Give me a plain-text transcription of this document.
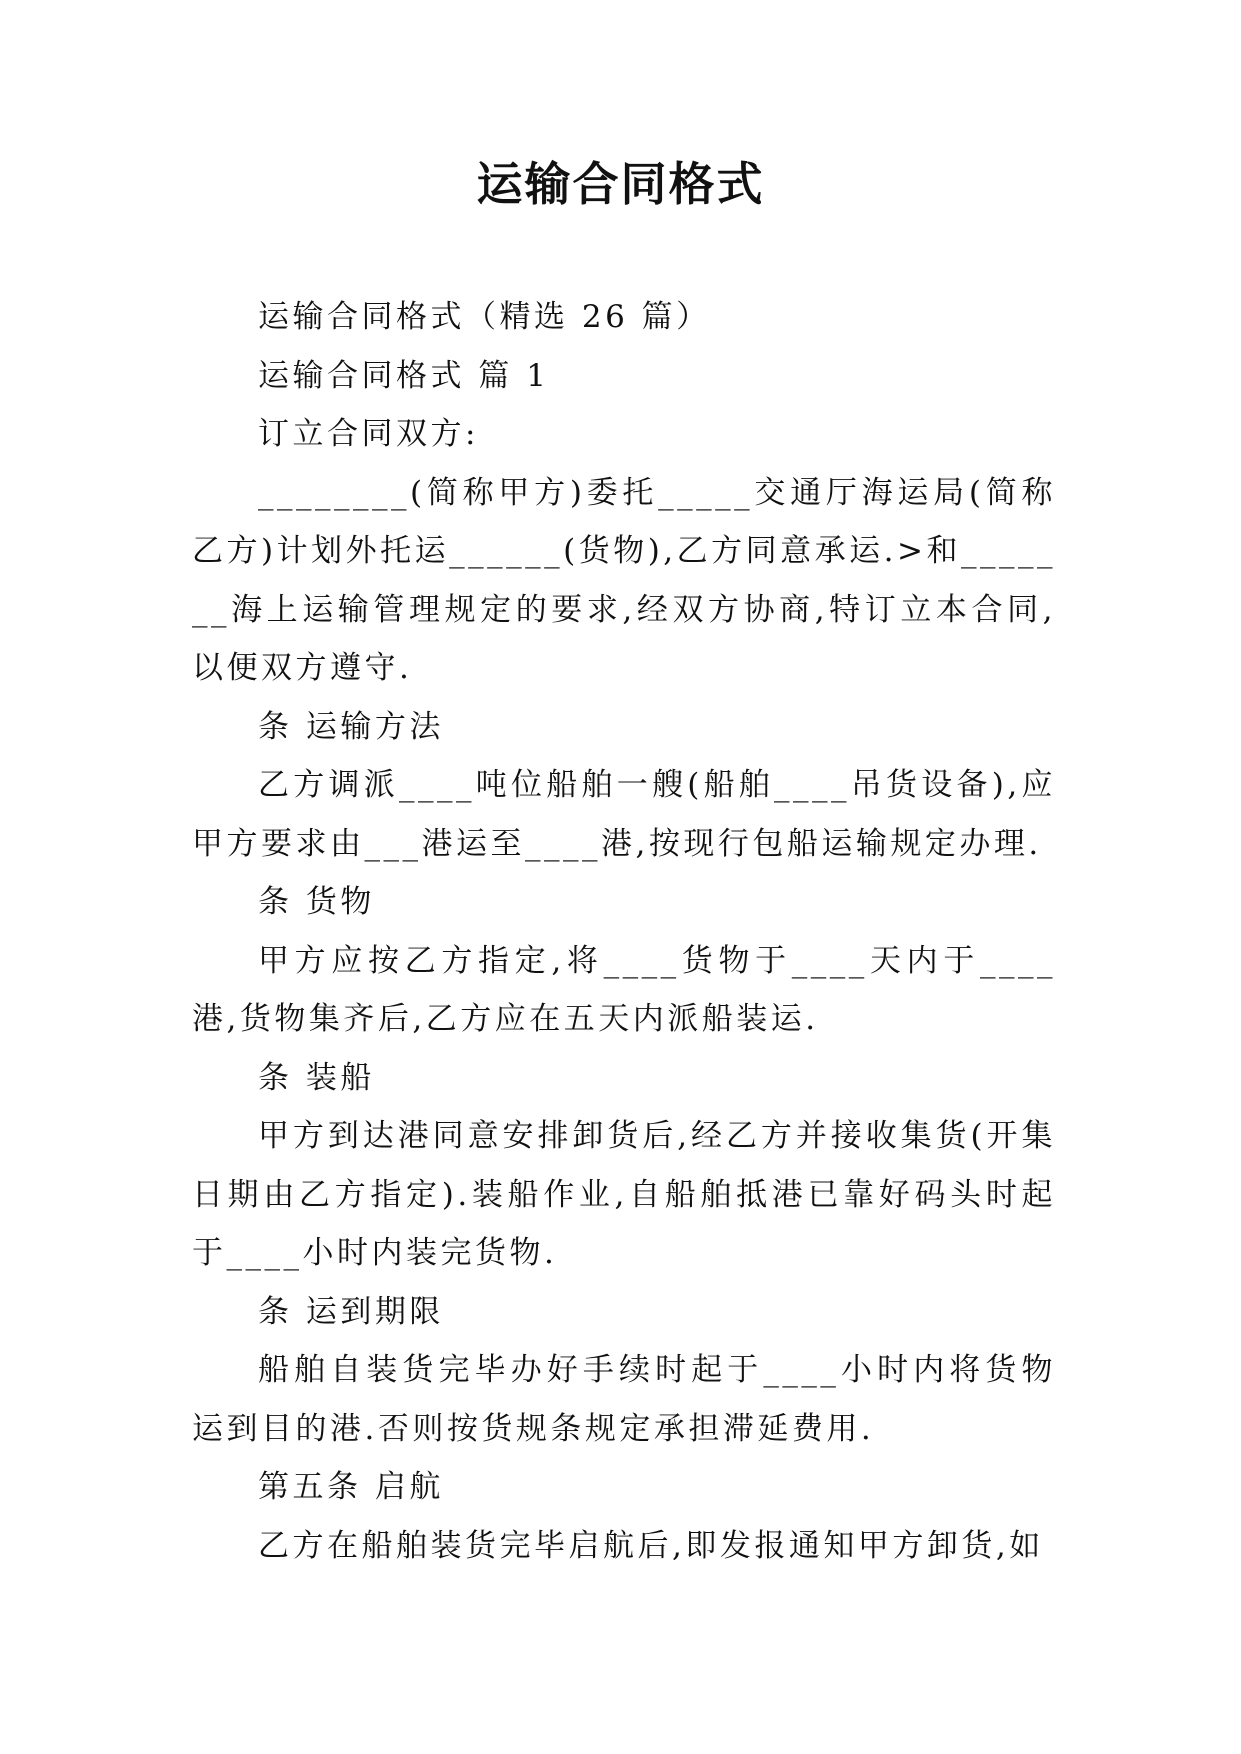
运输合同格式

运输合同格式（精选 26 篇）

运输合同格式 篇 1

订立合同双方:

________(简称甲方)委托_____交通厅海运局(简称乙方)计划外托运______(货物),乙方同意承运.>和_______海上运输管理规定的要求,经双方协商,特订立本合同,以便双方遵守.

条 运输方法

乙方调派____吨位船舶一艘(船舶____吊货设备),应甲方要求由___港运至____港,按现行包船运输规定办理.

条 货物

甲方应按乙方指定,将____货物于____天内于____港,货物集齐后,乙方应在五天内派船装运.

条 装船

甲方到达港同意安排卸货后,经乙方并接收集货(开集日期由乙方指定).装船作业,自船舶抵港已靠好码头时起于____小时内装完货物.

条 运到期限

船舶自装货完毕办好手续时起于____小时内将货物运到目的港.否则按货规条规定承担滞延费用.

第五条 启航

乙方在船舶装货完毕启航后,即发报通知甲方卸货,如
